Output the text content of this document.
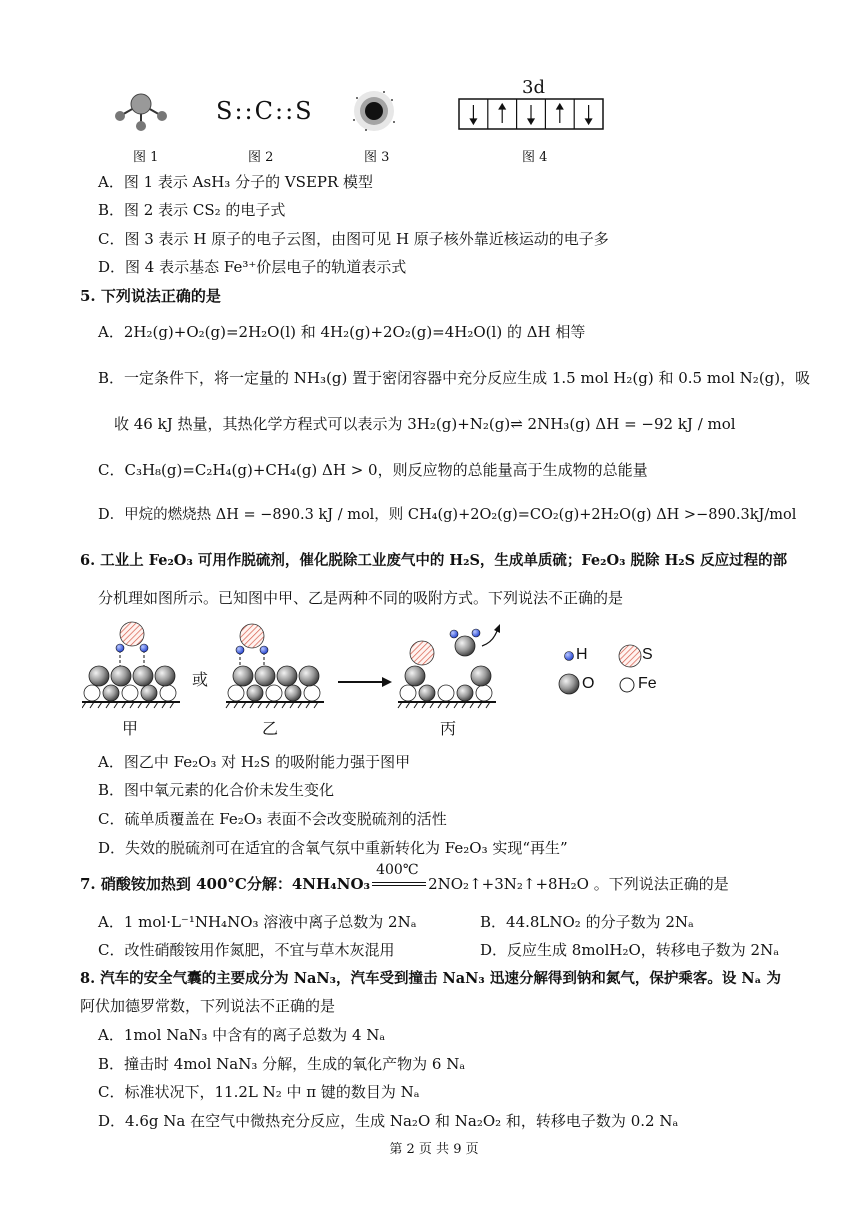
S::C::S
3d
图 1	图 2	图 3	图 4
A．图 1 表示 AsH₃ 分子的 VSEPR 模型
B．图 2 表示 CS₂ 的电子式
C．图 3 表示 H 原子的电子云图，由图可见 H 原子核外靠近核运动的电子多
D．图 4 表示基态 Fe³⁺价层电子的轨道表示式
5. 下列说法正确的是
A．2H₂(g)+O₂(g)=2H₂O(l) 和 4H₂(g)+2O₂(g)=4H₂O(l) 的 ΔH 相等
B．一定条件下，将一定量的 NH₃(g) 置于密闭容器中充分反应生成 1.5 mol H₂(g) 和 0.5 mol N₂(g)，吸
收 46 kJ 热量，其热化学方程式可以表示为 3H₂(g)+N₂(g)⇌ 2NH₃(g) ΔH = −92 kJ / mol
C．C₃H₈(g)=C₂H₄(g)+CH₄(g) ΔH > 0，则反应物的总能量高于生成物的总能量
D．甲烷的燃烧热 ΔH = −890.3 kJ / mol，则 CH₄(g)+2O₂(g)=CO₂(g)+2H₂O(g) ΔH >−890.3kJ/mol
6. 工业上 Fe₂O₃ 可用作脱硫剂，催化脱除工业废气中的 H₂S，生成单质硫；Fe₂O₃ 脱除 H₂S 反应过程的部
分机理如图所示。已知图中甲、乙是两种不同的吸附方式。下列说法不正确的是
甲
或
乙	丙
H	S
O	Fe
A．图乙中 Fe₂O₃ 对 H₂S 的吸附能力强于图甲
B．图中氧元素的化合价未发生变化
C．硫单质覆盖在 Fe₂O₃ 表面不会改变脱硫剂的活性
D．失效的脱硫剂可在适宜的含氧气氛中重新转化为 Fe₂O₃ 实现“再生”
7. 硝酸铵加热到 400°C分解：4NH₄NO₃
400℃
2NO₂↑+3N₂↑+8H₂O 。下列说法正确的是
A．1 mol·L⁻¹NH₄NO₃ 溶液中离子总数为 2Nₐ	B．44.8LNO₂ 的分子数为 2Nₐ
C．改性硝酸铵用作氮肥，不宜与草木灰混用	D．反应生成 8molH₂O，转移电子数为 2Nₐ
8. 汽车的安全气囊的主要成分为 NaN₃，汽车受到撞击 NaN₃ 迅速分解得到钠和氮气，保护乘客。设 Nₐ 为
阿伏加德罗常数，下列说法不正确的是
A．1mol NaN₃ 中含有的离子总数为 4 Nₐ
B．撞击时 4mol NaN₃ 分解，生成的氧化产物为 6 Nₐ
C．标准状况下，11.2L N₂ 中 π 键的数目为 Nₐ
D．4.6g Na 在空气中微热充分反应，生成 Na₂O 和 Na₂O₂ 和，转移电子数为 0.2 Nₐ
第 2 页 共 9 页
